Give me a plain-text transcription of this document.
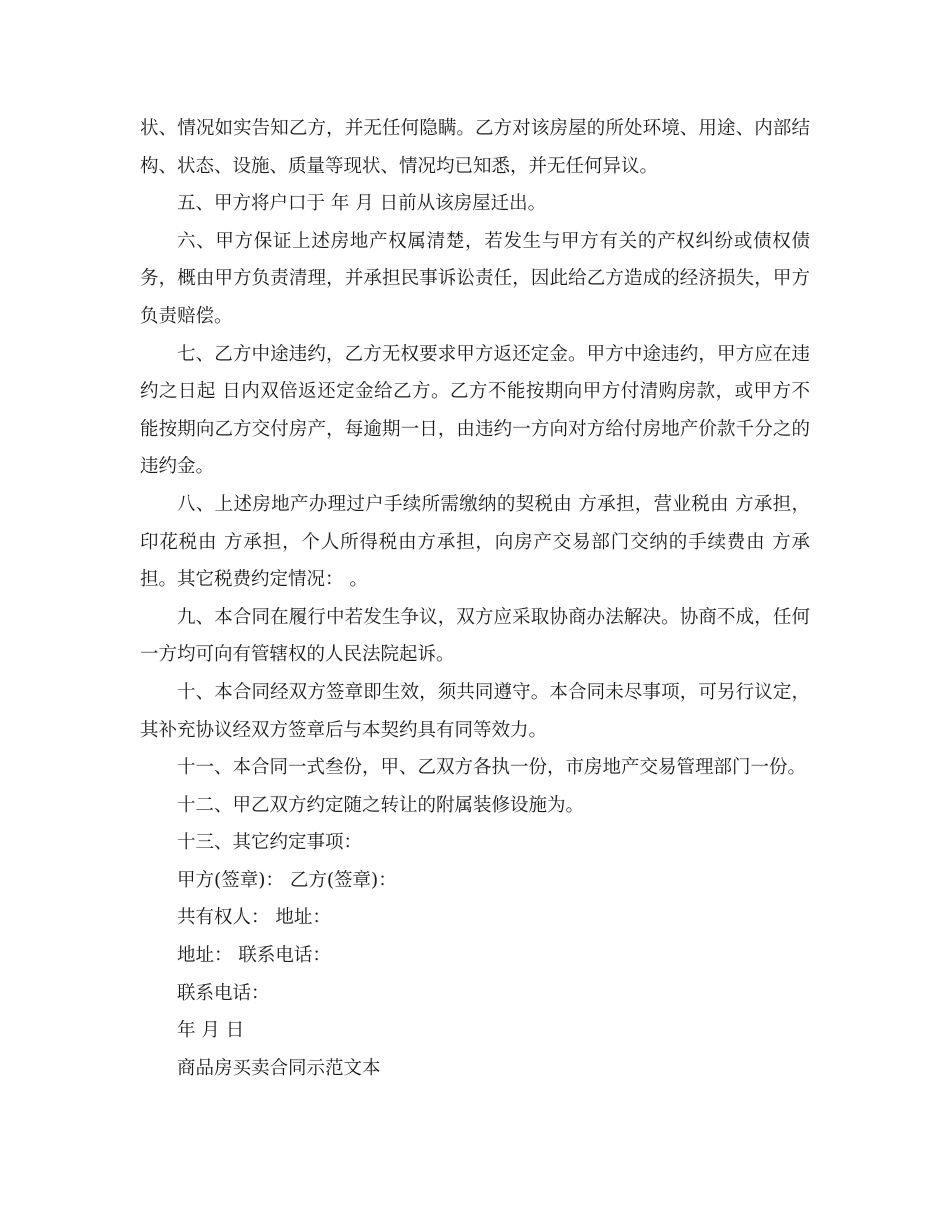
状、情况如实告知乙方，并无任何隐瞒。乙方对该房屋的所处环境、用途、内部结构、状态、设施、质量等现状、情况均已知悉，并无任何异议。

五、甲方将户口于 年 月 日前从该房屋迁出。

六、甲方保证上述房地产权属清楚，若发生与甲方有关的产权纠纷或债权债务，概由甲方负责清理，并承担民事诉讼责任，因此给乙方造成的经济损失，甲方负责赔偿。

七、乙方中途违约，乙方无权要求甲方返还定金。甲方中途违约，甲方应在违约之日起 日内双倍返还定金给乙方。乙方不能按期向甲方付清购房款，或甲方不能按期向乙方交付房产，每逾期一日，由违约一方向对方给付房地产价款千分之的违约金。

八、上述房地产办理过户手续所需缴纳的契税由 方承担，营业税由 方承担，印花税由 方承担，个人所得税由方承担，向房产交易部门交纳的手续费由 方承担。其它税费约定情况： 。

九、本合同在履行中若发生争议，双方应采取协商办法解决。协商不成，任何一方均可向有管辖权的人民法院起诉。

十、本合同经双方签章即生效，须共同遵守。本合同未尽事项，可另行议定，其补充协议经双方签章后与本契约具有同等效力。

十一、本合同一式叁份，甲、乙双方各执一份，市房地产交易管理部门一份。

十二、甲乙双方约定随之转让的附属装修设施为。

十三、其它约定事项：

甲方(签章)： 乙方(签章)：

共有权人： 地址：

地址： 联系电话：

联系电话：

年 月 日

商品房买卖合同示范文本
